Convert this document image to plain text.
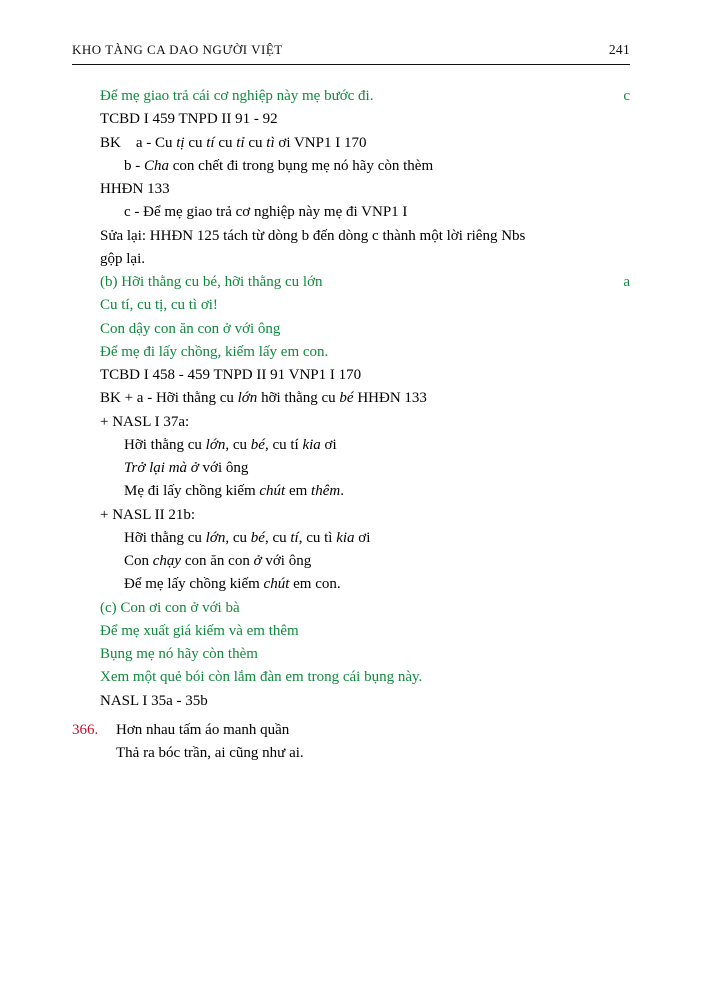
KHO TÀNG CA DAO NGƯỜI VIỆT	241
Để mẹ giao trả cái cơ nghiệp này mẹ bước đi.	c
TCBD I 459 TNPD II 91 - 92
BK    a - Cu tị cu tí cu tỉ cu tì ơi VNP1 I 170
b - Cha con chết đi trong bụng mẹ nó hãy còn thèm
HHĐN 133
c - Để mẹ giao trả cơ nghiệp này mẹ đi VNP1 I
Sửa lại: HHĐN 125 tách từ dòng b đến dòng c thành một lời riêng Nbs
gộp lại.
(b) Hỡi thằng cu bé, hỡi thằng cu lớn	a
Cu tí, cu tị, cu tì ơi!
Con dậy con ăn con ở với ông
Để mẹ đi lấy chồng, kiếm lấy em con.
TCBD I 458 - 459 TNPD II 91 VNP1 I 170
BK + a - Hỡi thằng cu lớn hỡi thằng cu bé HHĐN 133
+ NASL I 37a:
Hỡi thằng cu lớn, cu bé, cu tí kia ơi
Trở lại mà ở với ông
Mẹ đi lấy chồng kiếm chút em thêm.
+ NASL II 21b:
Hỡi thằng cu lớn, cu bé, cu tí, cu tì kia ơi
Con chạy con ăn con ở với ông
Để mẹ lấy chồng kiếm chút em con.
(c) Con ơi con ở với bà
Để mẹ xuất giá kiếm và em thêm
Bụng mẹ nó hãy còn thèm
Xem một quẻ bói còn lắm đàn em trong cái bụng này.
NASL I 35a - 35b
366.	Hơn nhau tấm áo manh quần
Thả ra bóc trần, ai cũng như ai.
